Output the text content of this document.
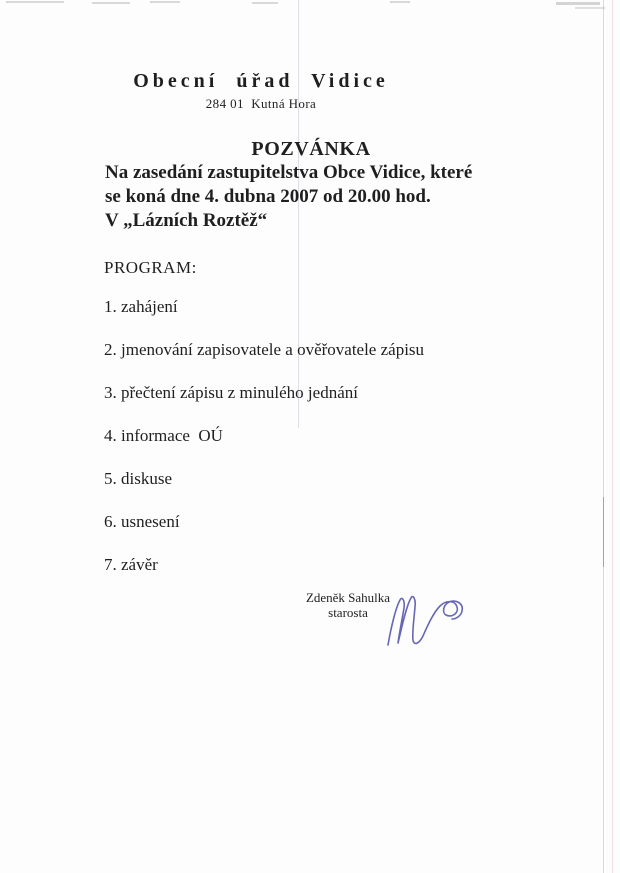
Obecní úřad Vidice
284 01  Kutná Hora
POZVÁNKA
Na zasedání zastupitelstva Obce Vidice, které
se koná dne 4. dubna 2007 od 20.00 hod.
V „Lázních Roztěž“
PROGRAM:
1. zahájení
2. jmenování zapisovatele a ověřovatele zápisu
3. přečtení zápisu z minulého jednání
4. informace  OÚ
5. diskuse
6. usnesení
7. závěr
Zdeněk Sahulka
starosta
